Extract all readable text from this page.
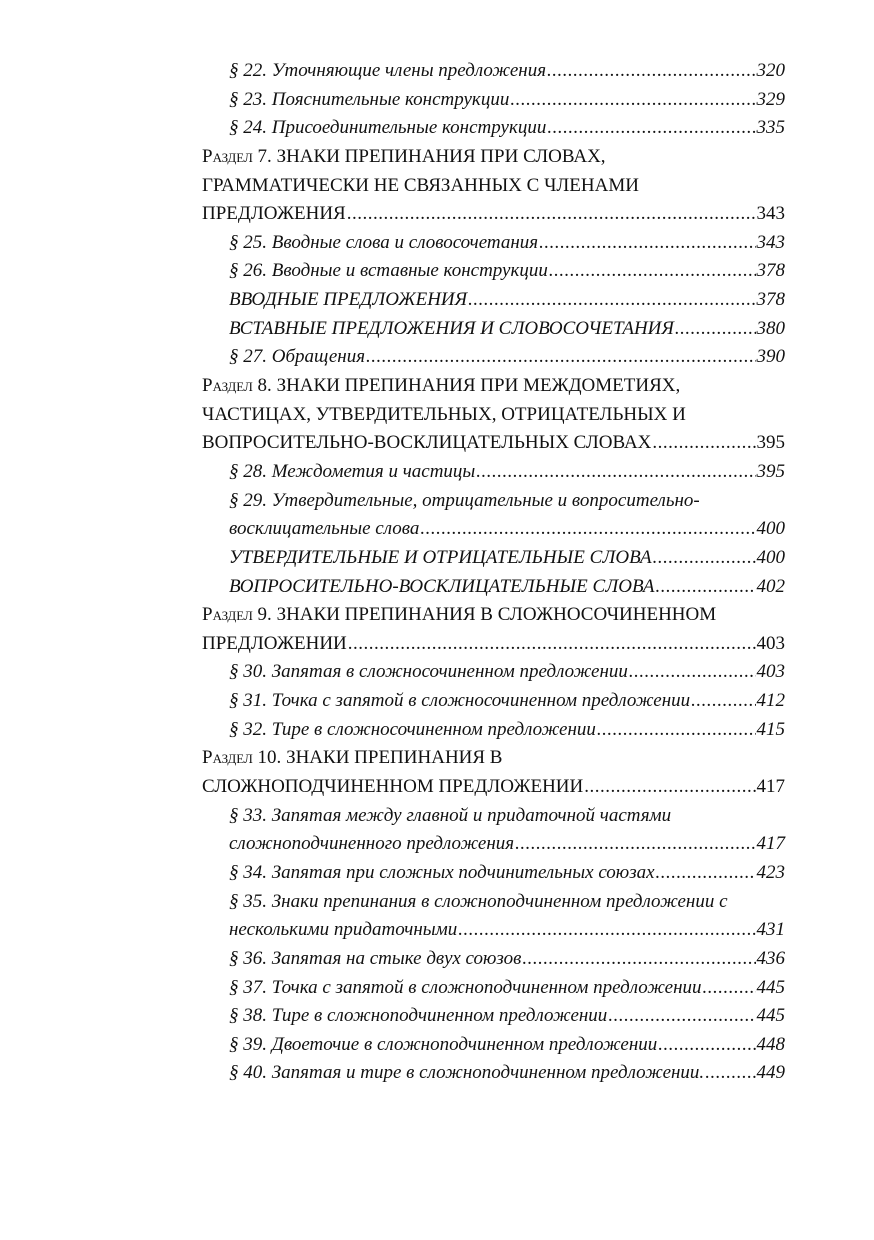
§ 22. Уточняющие члены предложения .....	320
§ 23. Пояснительные конструкции .....	329
§ 24. Присоединительные конструкции .....	335
Раздел 7. ЗНАКИ ПРЕПИНАНИЯ ПРИ СЛОВАХ,
ГРАММАТИЧЕСКИ НЕ СВЯЗАННЫХ С ЧЛЕНАМИ
ПРЕДЛОЖЕНИЯ .....	343
§ 25. Вводные слова и словосочетания .....	343
§ 26. Вводные и вставные конструкции .....	378
ВВОДНЫЕ ПРЕДЛОЖЕНИЯ .....	378
ВСТАВНЫЕ ПРЕДЛОЖЕНИЯ И СЛОВОСОЧЕТАНИЯ .....	380
§ 27. Обращения .....	390
Раздел 8. ЗНАКИ ПРЕПИНАНИЯ ПРИ МЕЖДОМЕТИЯХ,
ЧАСТИЦАХ, УТВЕРДИТЕЛЬНЫХ, ОТРИЦАТЕЛЬНЫХ И
ВОПРОСИТЕЛЬНО-ВОСКЛИЦАТЕЛЬНЫХ СЛОВАХ .....	395
§ 28. Междометия и частицы .....	395
§ 29. Утвердительные, отрицательные и вопросительно-
восклицательные слова .....	400
УТВЕРДИТЕЛЬНЫЕ И ОТРИЦАТЕЛЬНЫЕ СЛОВА .....	400
ВОПРОСИТЕЛЬНО-ВОСКЛИЦАТЕЛЬНЫЕ СЛОВА .....	402
Раздел 9. ЗНАКИ ПРЕПИНАНИЯ В СЛОЖНОСОЧИНЕННОМ
ПРЕДЛОЖЕНИИ .....	403
§ 30. Запятая в сложносочиненном предложении .....	403
§ 31. Точка с запятой в сложносочиненном предложении .....	412
§ 32. Тире в сложносочиненном предложении .....	415
Раздел 10. ЗНАКИ ПРЕПИНАНИЯ В
СЛОЖНОПОДЧИНЕННОМ ПРЕДЛОЖЕНИИ .....	417
§ 33. Запятая между главной и придаточной частями
сложноподчиненного предложения .....	417
§ 34. Запятая при сложных подчинительных союзах .....	423
§ 35. Знаки препинания в сложноподчиненном предложении с
несколькими придаточными .....	431
§ 36. Запятая на стыке двух союзов .....	436
§ 37. Точка с запятой в сложноподчиненном предложении .....	445
§ 38. Тире в сложноподчиненном предложении .....	445
§ 39. Двоеточие в сложноподчиненном предложении .....	448
§ 40. Запятая и тире в сложноподчиненном предложении. .....	449
